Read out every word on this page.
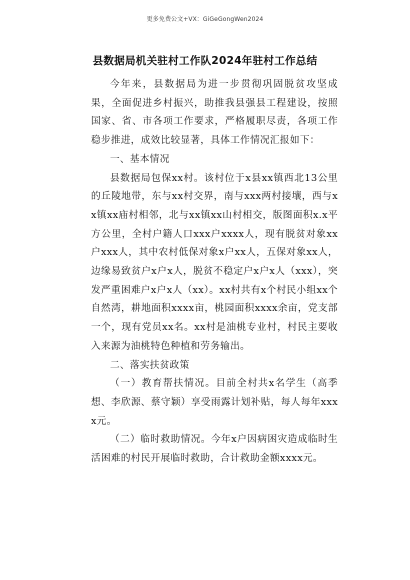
更多免费公文+VX：GiGeGongWen2024
县数据局机关驻村工作队2024年驻村工作总结

今年来，县数据局为进一步贯彻巩固脱贫攻坚成果，全面促进乡村振兴，助推我县强县工程建设，按照国家、省、市各项工作要求，严格履职尽责，各项工作稳步推进，成效比较显著，具体工作情况汇报如下：

一、基本情况

县数据局包保xx村。该村位于x县xx镇西北13公里的丘陵地带，东与xx村交界，南与xxx两村接壤，西与xx镇xx庙村相邻，北与xx镇xx山村相交，版图面积x.x平方公里，全村户籍人口xxx户xxxx人，现有脱贫对象xx户xxx人，其中农村低保对象x户xx人，五保对象xx人，边缘易致贫户x户x人，脱贫不稳定户x户x人（xxx），突发严重困难户x户x人（xx）。xx村共有x个村民小组xx个自然湾，耕地面积xxxx亩，桃园面积xxxx余亩，党支部一个，现有党员xx名。xx村是油桃专业村，村民主要收入来源为油桃特色种植和劳务输出。

二、落实扶贫政策

（一）教育帮扶情况。目前全村共x名学生（高季想、李欣源、蔡守颖）享受雨露计划补贴，每人每年xxxx元。

（二）临时救助情况。今年x户因病困灾造成临时生活困难的村民开展临时救助，合计救助金额xxxx元。
